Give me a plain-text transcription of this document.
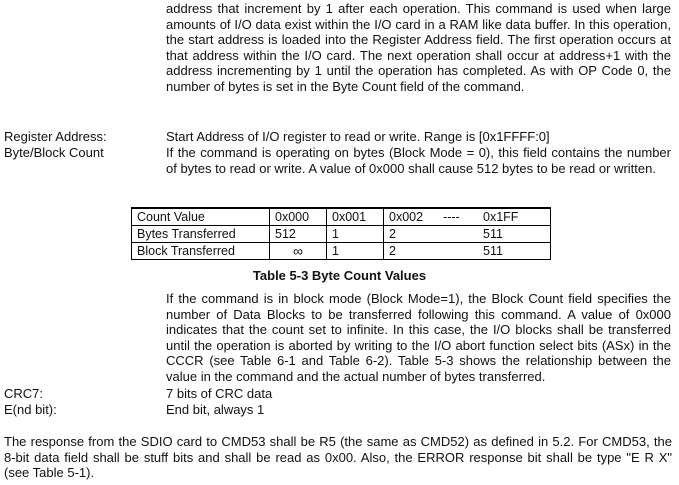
address that increment by 1 after each operation. This command is used when large amounts of I/O data exist within the I/O card in a RAM like data buffer. In this operation, the start address is loaded into the Register Address field. The first operation occurs at that address within the I/O card. The next operation shall occur at address+1 with the address incrementing by 1 until the operation has completed. As with OP Code 0, the number of bytes is set in the Byte Count field of the command.
Register Address:	Start Address of I/O register to read or write. Range is [0x1FFFF:0]
Byte/Block Count	If the command is operating on bytes (Block Mode = 0), this field contains the number of bytes to read or write. A value of 0x000 shall cause 512 bytes to be read or written.
Count Value	0x000	0x001	0x002 ----	0x1FF
Bytes Transferred	512	1	2	511
Block Transferred	∞	1	2	511
Table 5-3 Byte Count Values
If the command is in block mode (Block Mode=1), the Block Count field specifies the number of Data Blocks to be transferred following this command. A value of 0x000 indicates that the count set to infinite. In this case, the I/O blocks shall be transferred until the operation is aborted by writing to the I/O abort function select bits (ASx) in the CCCR (see Table 6-1 and Table 6-2). Table 5-3 shows the relationship between the value in the command and the actual number of bytes transferred.
CRC7:	7 bits of CRC data
E(nd bit):	End bit, always 1
The response from the SDIO card to CMD53 shall be R5 (the same as CMD52) as defined in 5.2. For CMD53, the 8-bit data field shall be stuff bits and shall be read as 0x00. Also, the ERROR response bit shall be type "E R X" (see Table 5-1).
